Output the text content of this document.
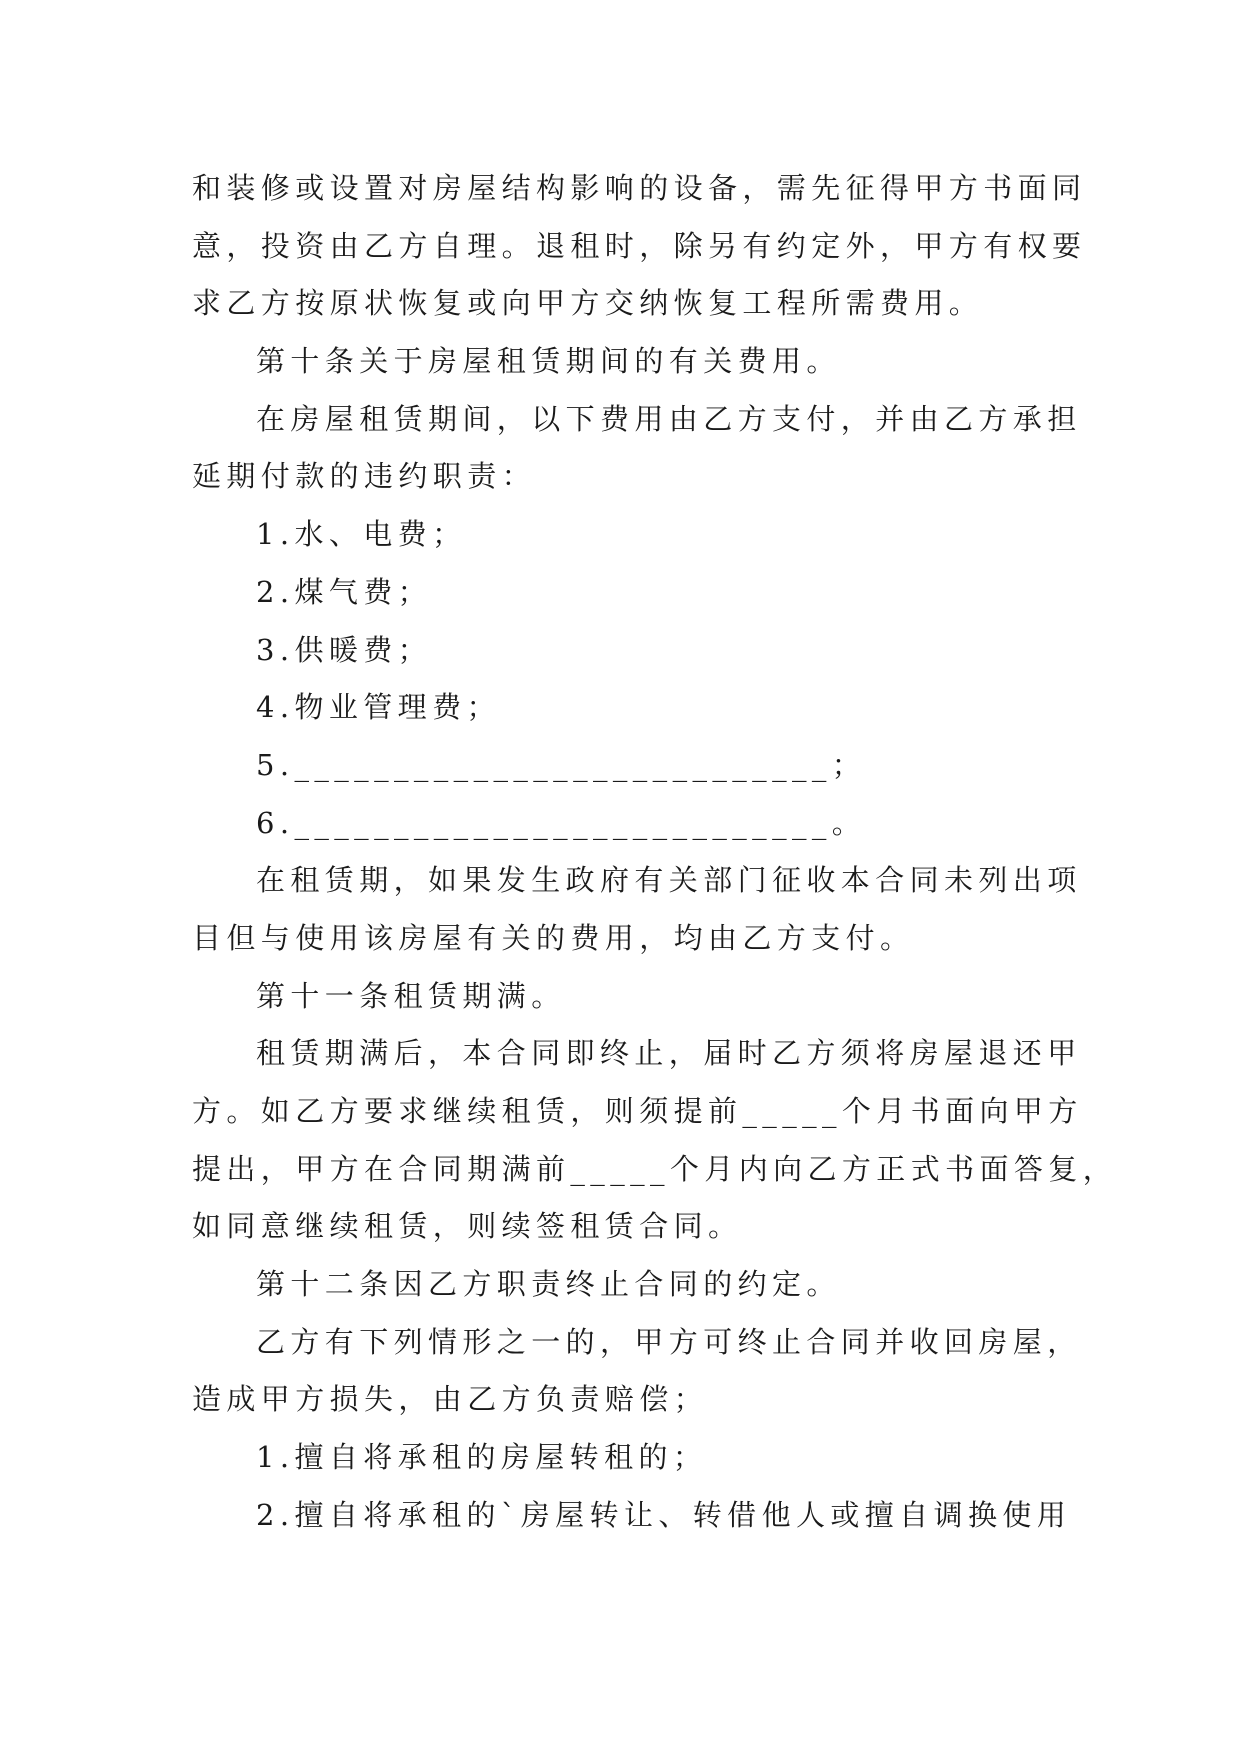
和装修或设置对房屋结构影响的设备，需先征得甲方书面同
意，投资由乙方自理。退租时，除另有约定外，甲方有权要
求乙方按原状恢复或向甲方交纳恢复工程所需费用。
第十条关于房屋租赁期间的有关费用。
在房屋租赁期间，以下费用由乙方支付，并由乙方承担
延期付款的违约职责：
1.水、电费；
2.煤气费；
3.供暖费；
4.物业管理费；
5.___________________________；
6.___________________________。
在租赁期，如果发生政府有关部门征收本合同未列出项
目但与使用该房屋有关的费用，均由乙方支付。
第十一条租赁期满。
租赁期满后，本合同即终止，届时乙方须将房屋退还甲
方。如乙方要求继续租赁，则须提前_____个月书面向甲方
提出，甲方在合同期满前_____个月内向乙方正式书面答复，
如同意继续租赁，则续签租赁合同。
第十二条因乙方职责终止合同的约定。
乙方有下列情形之一的，甲方可终止合同并收回房屋，
造成甲方损失，由乙方负责赔偿；
1.擅自将承租的房屋转租的；
2.擅自将承租的`房屋转让、转借他人或擅自调换使用
